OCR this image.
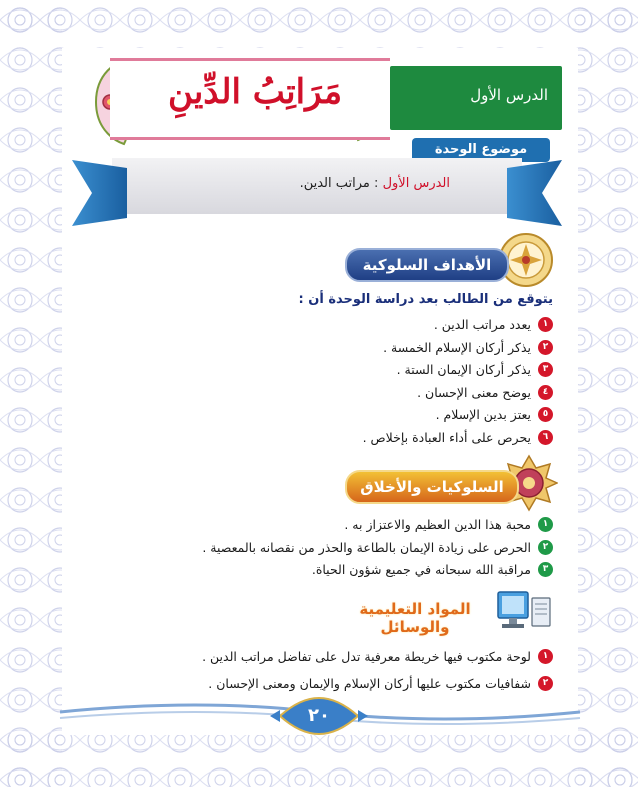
مَرَاتِبُ الدِّينِ	الدرس الأول
موضوع الوحدة
الدرس الأول : مراتب الدين.
الأهداف السلوكية
يتوقع من الطالب بعد دراسة الوحدة أن :
١
يعدد مراتب الدين .
٢
يذكر أركان الإسلام الخمسة .
٣
يذكر أركان الإيمان الستة .
٤
يوضح معنى الإحسان .
٥
يعتز بدين الإسلام .
٦
يحرص على أداء العبادة بإخلاص .
السلوكيات والأخلاق
١
محبة هذا الدين العظيم والاعتزاز به .
٢
الحرص على زيادة الإيمان بالطاعة والحذر من نقصانه بالمعصية .
٣
مراقبة الله سبحانه في جميع شؤون الحياة.
المواد التعليمية والوسائل
١
لوحة مكتوب فيها خريطة معرفية تدل على تفاضل مراتب الدين .
٢
شفافيات مكتوب عليها أركان الإسلام والإيمان ومعنى الإحسان .
٢٠
